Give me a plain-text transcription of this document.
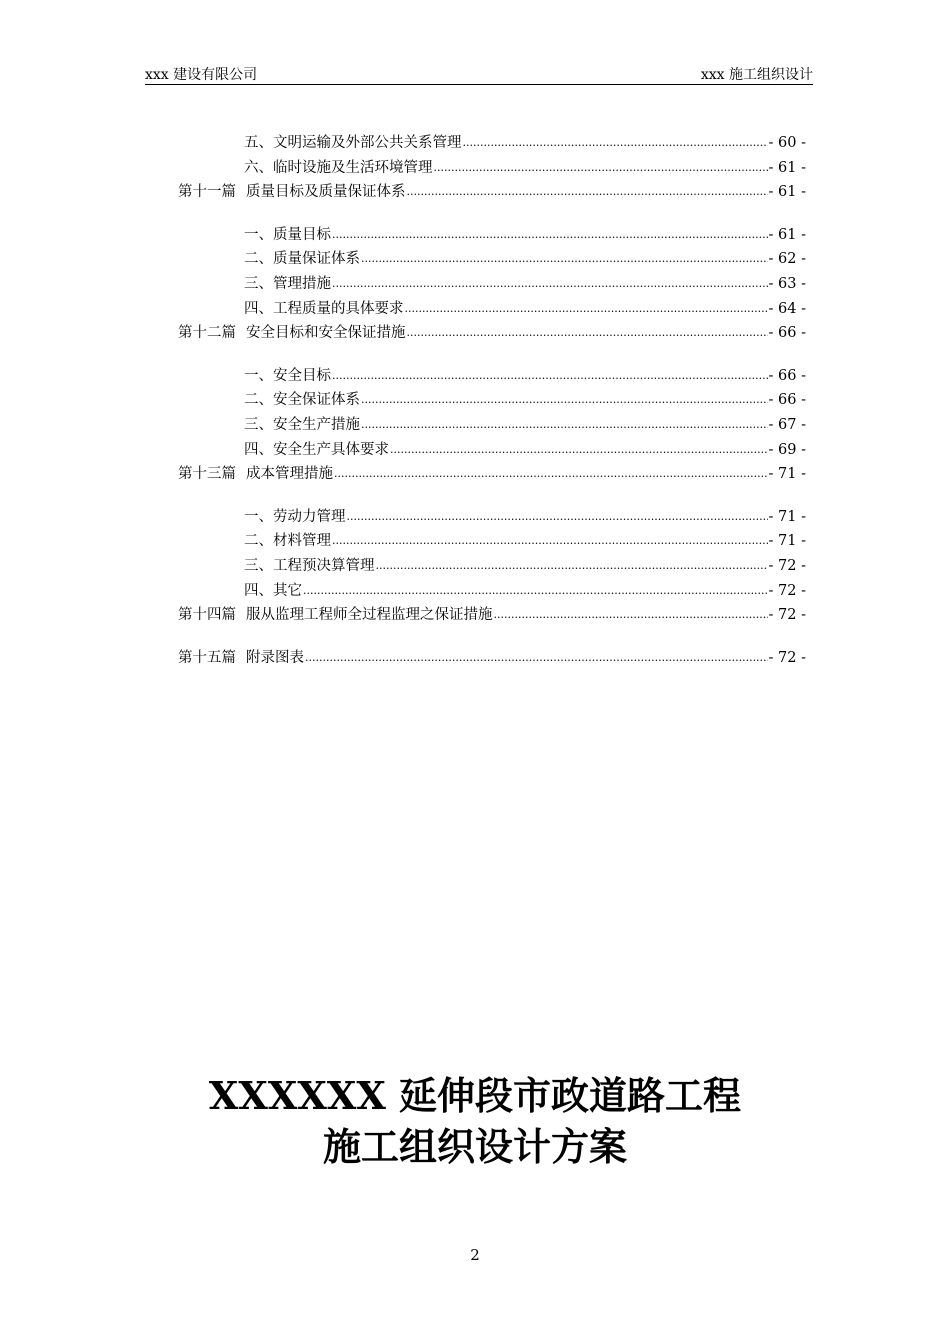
xxx 建设有限公司	xxx 施工组织设计
五、 文明运输及外部公共关系管理 .....	- 60 -
六、 临时设施及生活环境管理 .....	- 61 -
第十一篇 质量目标及质量保证体系 .....	- 61 -
一、 质量目标 .....	- 61 -
二、 质量保证体系 .....	- 62 -
三、 管理措施 .....	- 63 -
四、 工程质量的具体要求 .....	- 64 -
第十二篇 安全目标和安全保证措施 .....	- 66 -
一、 安全目标 .....	- 66 -
二、 安全保证体系 .....	- 66 -
三、 安全生产措施 .....	- 67 -
四、 安全生产具体要求 .....	- 69 -
第十三篇 成本管理措施 .....	- 71 -
一、 劳动力管理 .....	- 71 -
二、 材料管理 .....	- 71 -
三、 工程预决算管理 .....	- 72 -
四、 其它 .....	- 72 -
第十四篇 服从监理工程师全过程监理之保证措施 .....	- 72 -
第十五篇 附录图表 .....	- 72 -
XXXXXX 延伸段市政道路工程
施工组织设计方案
2
